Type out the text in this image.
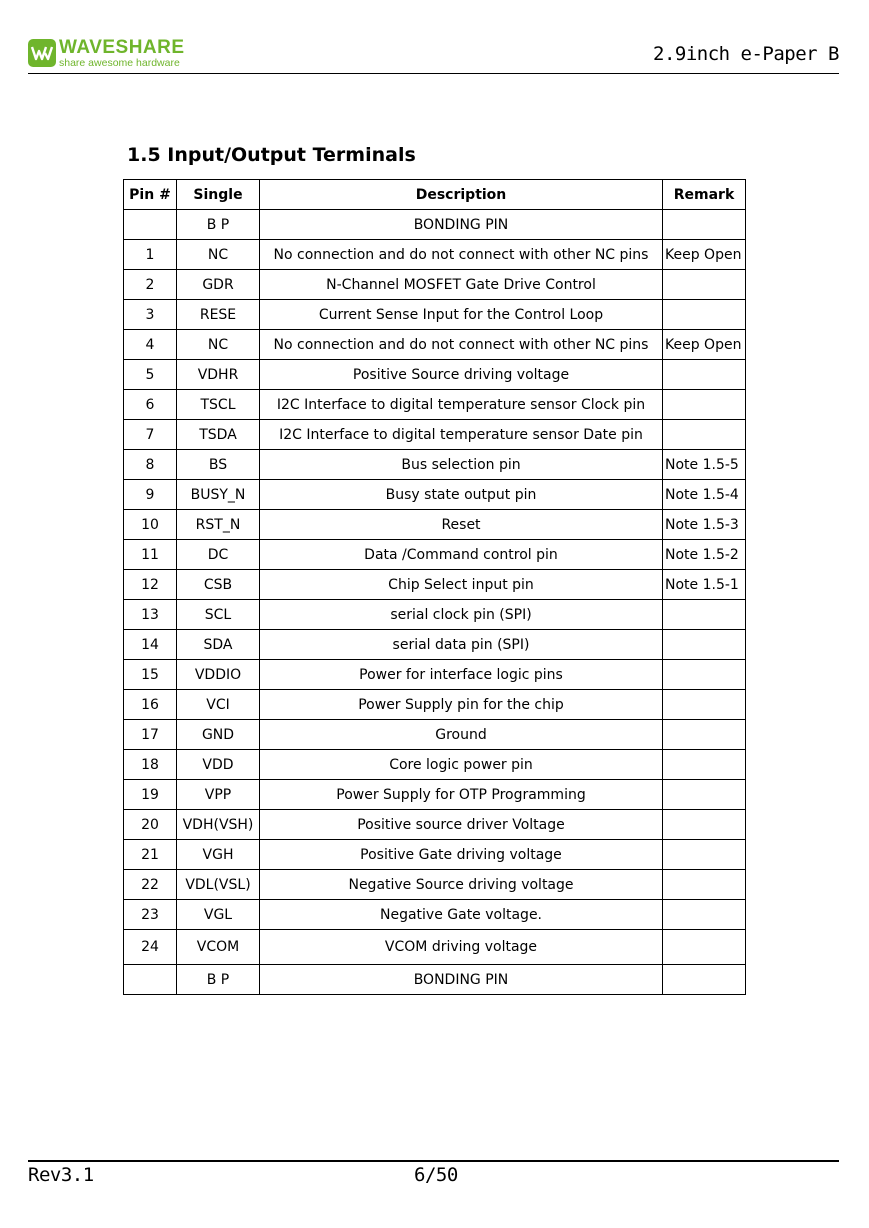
WAVESHARE
share awesome hardware	2.9inch e-Paper B
1.5 Input/Output Terminals
Pin #	Single	Description	Remark
	B P	BONDING PIN	
1	NC	No connection and do not connect with other NC pins	Keep Open
2	GDR	N-Channel MOSFET Gate Drive Control	
3	RESE	Current Sense Input for the Control Loop	
4	NC	No connection and do not connect with other NC pins	Keep Open
5	VDHR	Positive Source driving voltage	
6	TSCL	I2C Interface to digital temperature sensor Clock pin	
7	TSDA	I2C Interface to digital temperature sensor Date pin	
8	BS	Bus selection pin	Note 1.5-5
9	BUSY_N	Busy state output pin	Note 1.5-4
10	RST_N	Reset	Note 1.5-3
11	DC	Data /Command control pin	Note 1.5-2
12	CSB	Chip Select input pin	Note 1.5-1
13	SCL	serial clock pin (SPI)	
14	SDA	serial data pin (SPI)	
15	VDDIO	Power for interface logic pins	
16	VCI	Power Supply pin for the chip	
17	GND	Ground	
18	VDD	Core logic power pin	
19	VPP	Power Supply for OTP Programming	
20	VDH(VSH)	Positive source driver Voltage	
21	VGH	Positive Gate driving voltage	
22	VDL(VSL)	Negative Source driving voltage	
23	VGL	Negative Gate voltage.	
24	VCOM	VCOM driving voltage	
	B P	BONDING PIN	
Rev3.1	6/50
